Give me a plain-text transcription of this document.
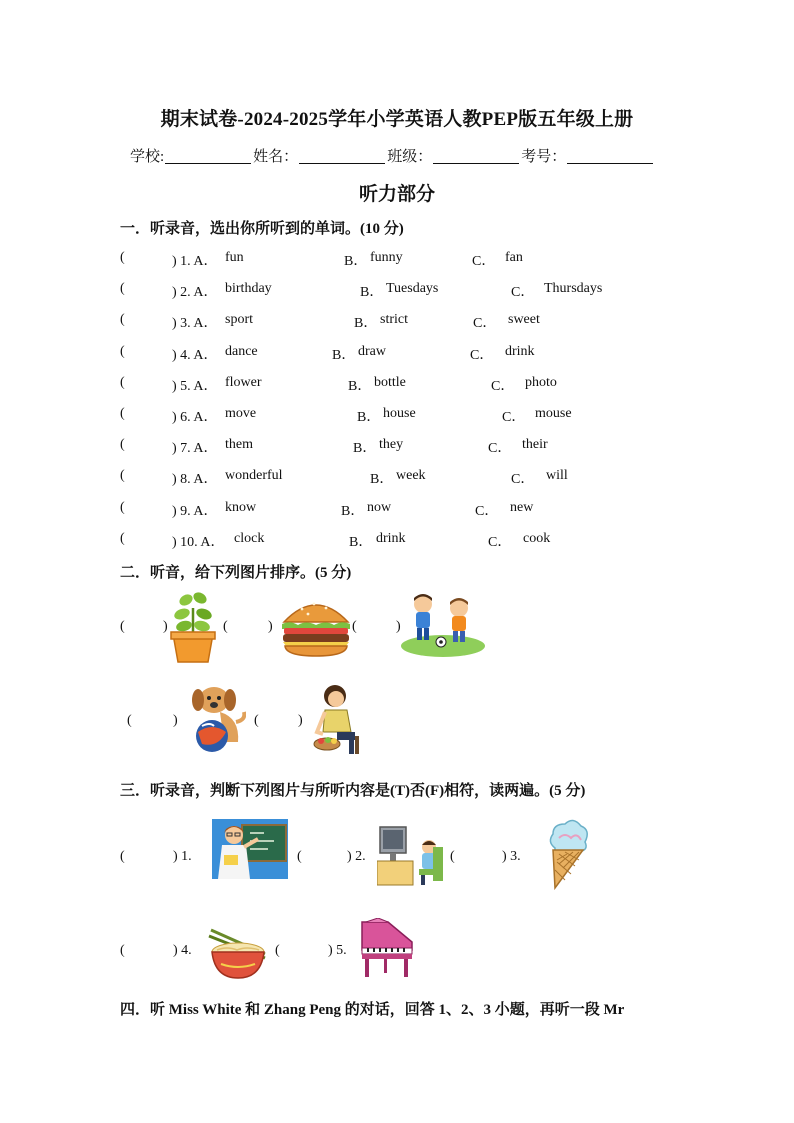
期末试卷-2024-2025学年小学英语人教PEP版五年级上册
学校:	姓名：	班级：	考号：
听力部分
一．听录音，选出你所听到的单词。(10 分)
(	) 1. A． fun	B． funny	C． fan
(	) 2. A． birthday	B． Tuesdays	C． Thursdays
(	) 3. A． sport	B． strict	C． sweet
(	) 4. A． dance	B． draw	C． drink
(	) 5. A． flower	B． bottle	C． photo
(	) 6. A． move	B． house	C． mouse
(	) 7. A． them	B． they	C． their
(	) 8. A． wonderful	B． week	C． will
(	) 9. A． know	B． now	C． new
(	) 10. A． clock	B． drink	C． cook
二．听音，给下列图片排序。(5 分)
(	)	(	)	(	)
(	)	(	)
三．听录音，判断下列图片与所听内容是(T)否(F)相符，读两遍。(5 分)
(	) 1.	(	) 2.	(	) 3.
(	) 4.	(	) 5.
四．听 Miss White 和 Zhang Peng 的对话，回答 1、2、3 小题，再听一段 Mr
